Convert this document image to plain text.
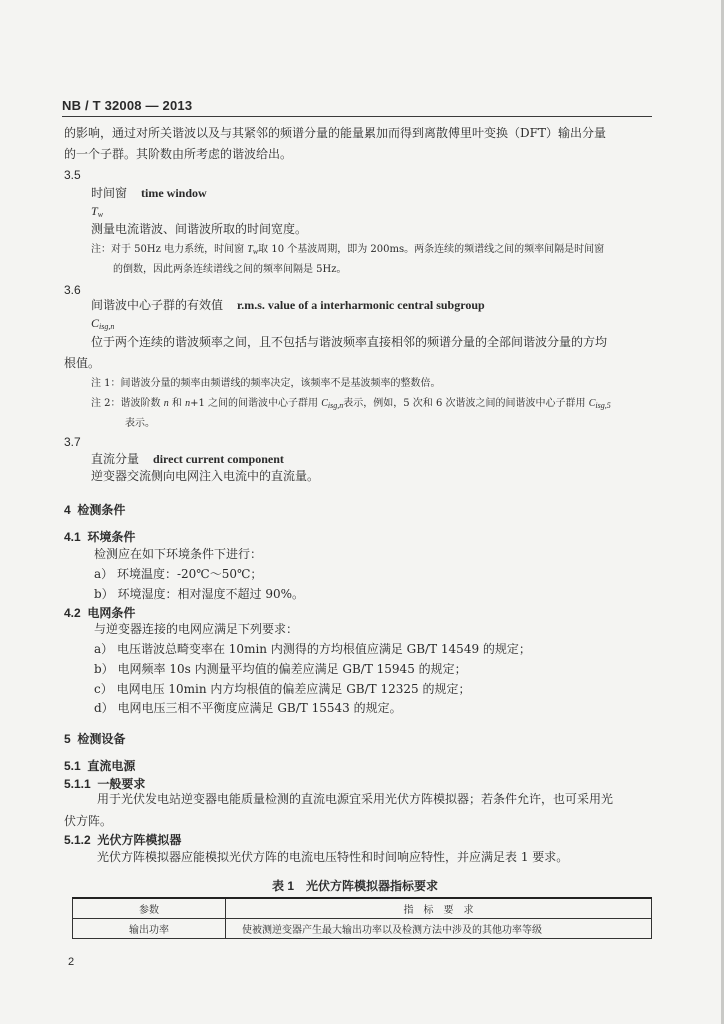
NB / T 32008 — 2013
的影响，通过对所关谐波以及与其紧邻的频谱分量的能量累加而得到离散傅里叶变换（DFT）输出分量
的一个子群。其阶数由所考虑的谐波给出。
3.5
时间窗 time window
$T_w$
测量电流谐波、间谐波所取的时间宽度。
注：对于 50Hz 电力系统，时间窗 $T_w$取 10 个基波周期，即为 200ms。两条连续的频谱线之间的频率间隔是时间窗
的倒数，因此两条连续谱线之间的频率间隔是 5Hz。
3.6
间谐波中心子群的有效值 r.m.s. value of a interharmonic central subgroup
$C_{isg,n}$
位于两个连续的谐波频率之间，且不包括与谐波频率直接相邻的频谱分量的全部间谐波分量的方均
根值。
注 1：间谐波分量的频率由频谱线的频率决定，该频率不是基波频率的整数倍。
注 2：谐波阶数 n 和 n+1 之间的间谐波中心子群用 $C_{isg,n}$表示，例如，5 次和 6 次谐波之间的间谐波中心子群用 $C_{isg,5}$
表示。
3.7
直流分量 direct current component
逆变器交流侧向电网注入电流中的直流量。
4 检测条件
4.1 环境条件
检测应在如下环境条件下进行：
a） 环境温度：-20℃～50℃；
b） 环境湿度：相对湿度不超过 90%。
4.2 电网条件
与逆变器连接的电网应满足下列要求：
a） 电压谐波总畸变率在 10min 内测得的方均根值应满足 GB/T 14549 的规定；
b） 电网频率 10s 内测量平均值的偏差应满足 GB/T 15945 的规定；
c） 电网电压 10min 内方均根值的偏差应满足 GB/T 12325 的规定；
d） 电网电压三相不平衡度应满足 GB/T 15543 的规定。
5 检测设备
5.1 直流电源
5.1.1 一般要求
用于光伏发电站逆变器电能质量检测的直流电源宜采用光伏方阵模拟器；若条件允许，也可采用光
伏方阵。
5.1.2 光伏方阵模拟器
光伏方阵模拟器应能模拟光伏方阵的电流电压特性和时间响应特性，并应满足表 1 要求。
表 1　光伏方阵模拟器指标要求
参数	指　标　要　求
输出功率	使被测逆变器产生最大输出功率以及检测方法中涉及的其他功率等级
2
